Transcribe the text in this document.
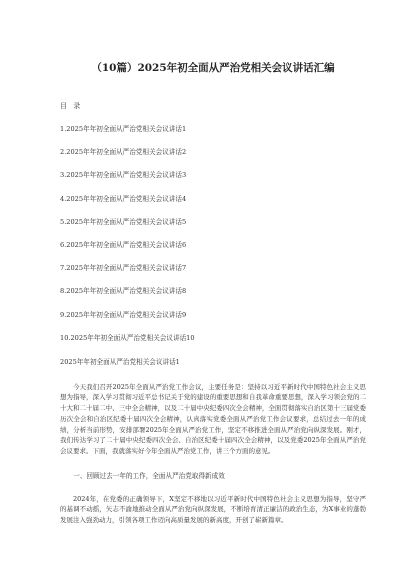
（10篇）2025年初全面从严治党相关会议讲话汇编
目 录
1.2025年年初全面从严治党相关会议讲话1
2.2025年年初全面从严治党相关会议讲话2
3.2025年年初全面从严治党相关会议讲话3
4.2025年年初全面从严治党相关会议讲话4
5.2025年年初全面从严治党相关会议讲话5
6.2025年年初全面从严治党相关会议讲话6
7.2025年年初全面从严治党相关会议讲话7
8.2025年年初全面从严治党相关会议讲话8
9.2025年年初全面从严治党相关会议讲话9
10.2025年年初全面从严治党相关会议讲话10
2025年年初全面从严治党相关会议讲话1

今天我们召开2025年全面从严治党工作会议，主要任务是：坚持以习近平新时代中国特色社会主义思想为指导，深入学习贯彻习近平总书记关于党的建设的重要思想和自我革命重要思想，深入学习领会党的二十大和二十届二中、三中全会精神，以及二十届中央纪委四次全会精神，全面贯彻落实自治区第十三届党委历次全会和自治区纪委十届四次全会精神，认真落实党委全面从严治党工作会议要求，总结过去一年的成绩，分析当前形势，安排部署2025年全面从严治党工作，坚定不移推进全面从严治党向纵深发展。刚才，我们传达学习了二十届中央纪委四次全会、自治区纪委十届四次全会精神，以及党委2025年全面从严治党会议要求。下面，我就落实好今年全面从严治党工作，讲三个方面的意见。

一、回顾过去一年的工作，全面从严治党取得新成效

2024年，在党委的正确领导下，X坚定不移地以习近平新时代中国特色社会主义思想为指导，坚守严的基调不动摇，矢志不渝地推动全面从严治党向纵深发展，不断培育清正廉洁的政治生态，为X事业的蓬勃发展注入强劲动力，引领各项工作迈向高质量发展的新高度，开创了崭新篇章。
